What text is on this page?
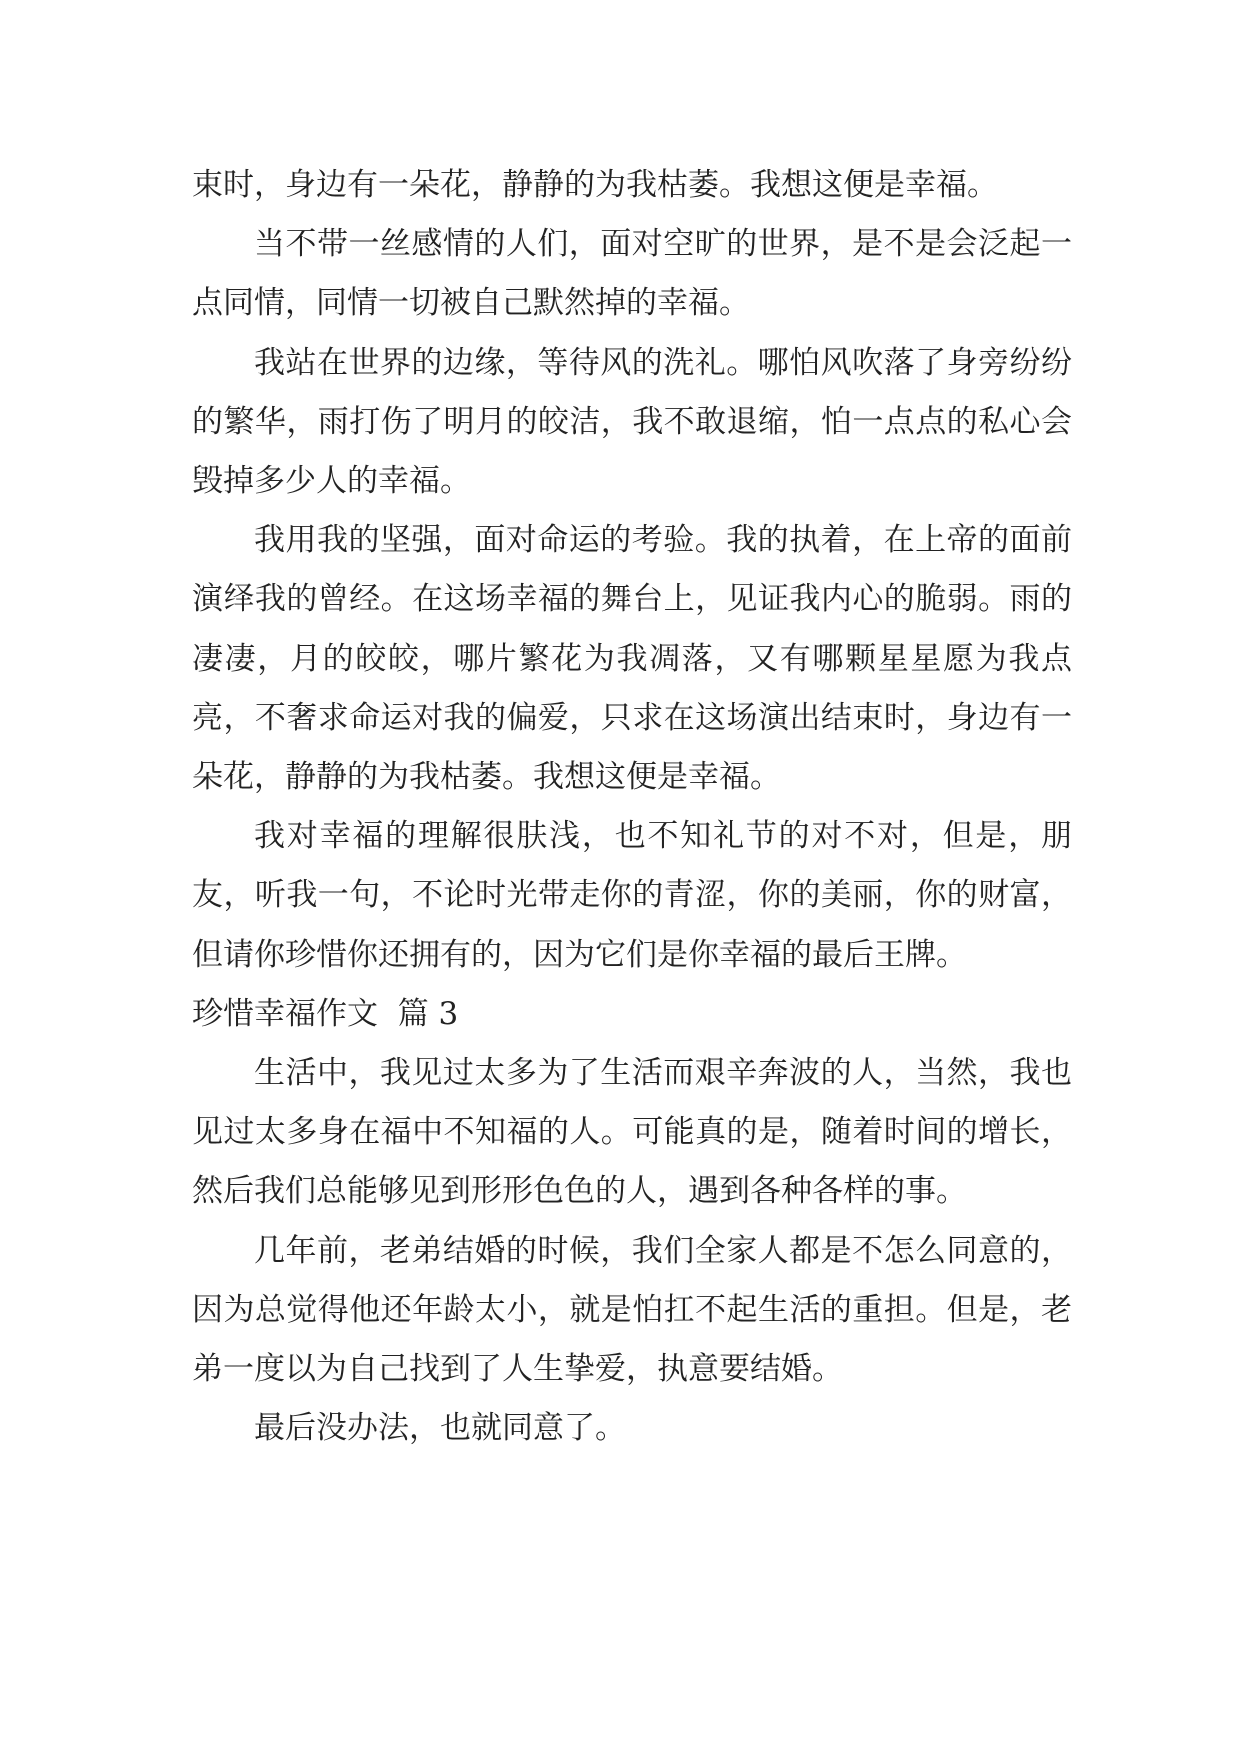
束时，身边有一朵花，静静的为我枯萎。我想这便是幸福。

当不带一丝感情的人们，面对空旷的世界，是不是会泛起一点同情，同情一切被自己默然掉的幸福。

我站在世界的边缘，等待风的洗礼。哪怕风吹落了身旁纷纷的繁华，雨打伤了明月的皎洁，我不敢退缩，怕一点点的私心会毁掉多少人的幸福。

我用我的坚强，面对命运的考验。我的执着，在上帝的面前演绎我的曾经。在这场幸福的舞台上，见证我内心的脆弱。雨的凄凄，月的皎皎，哪片繁花为我凋落，又有哪颗星星愿为我点亮，不奢求命运对我的偏爱，只求在这场演出结束时，身边有一朵花，静静的为我枯萎。我想这便是幸福。

我对幸福的理解很肤浅，也不知礼节的对不对，但是，朋友，听我一句，不论时光带走你的青涩，你的美丽，你的财富，但请你珍惜你还拥有的，因为它们是你幸福的最后王牌。

珍惜幸福作文  篇 3

生活中，我见过太多为了生活而艰辛奔波的人，当然，我也见过太多身在福中不知福的人。可能真的是，随着时间的增长，然后我们总能够见到形形色色的人，遇到各种各样的事。

几年前，老弟结婚的时候，我们全家人都是不怎么同意的，因为总觉得他还年龄太小，就是怕扛不起生活的重担。但是，老弟一度以为自己找到了人生挚爱，执意要结婚。

最后没办法，也就同意了。
